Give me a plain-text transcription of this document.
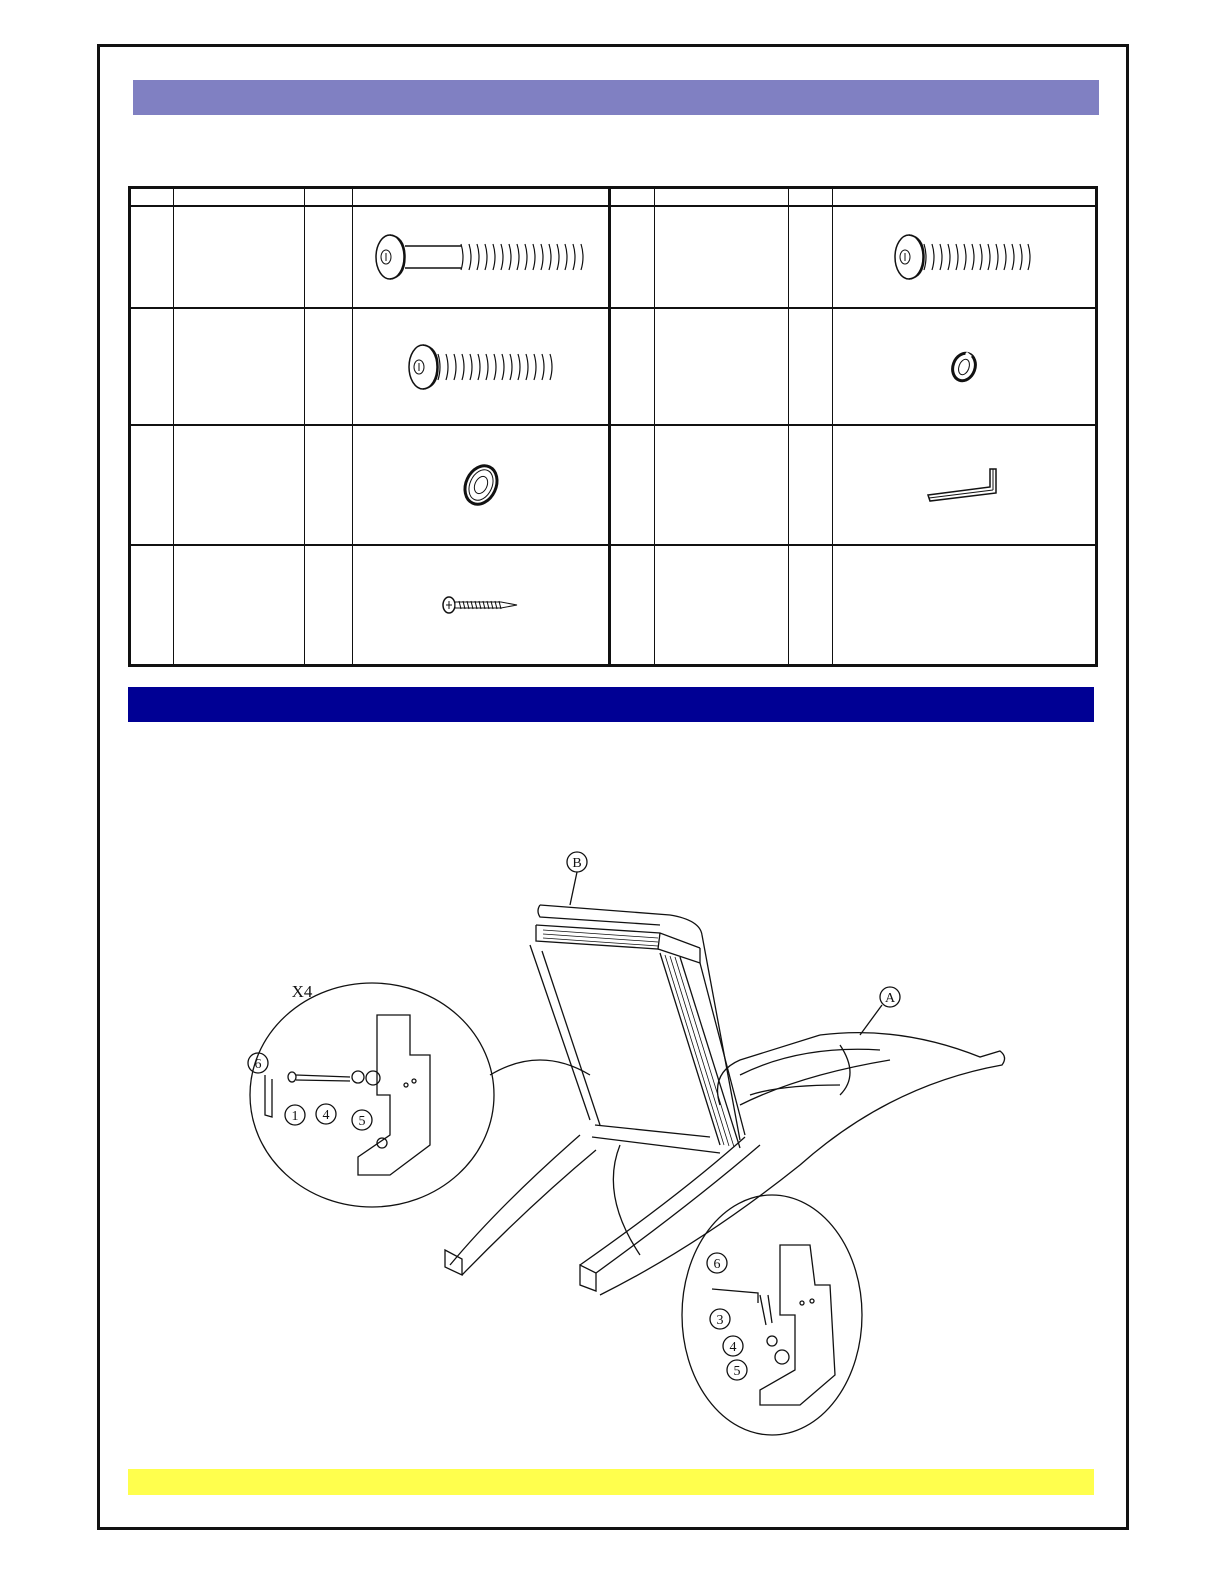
B
A
X4
6
1 4 5
6
3
4
5
